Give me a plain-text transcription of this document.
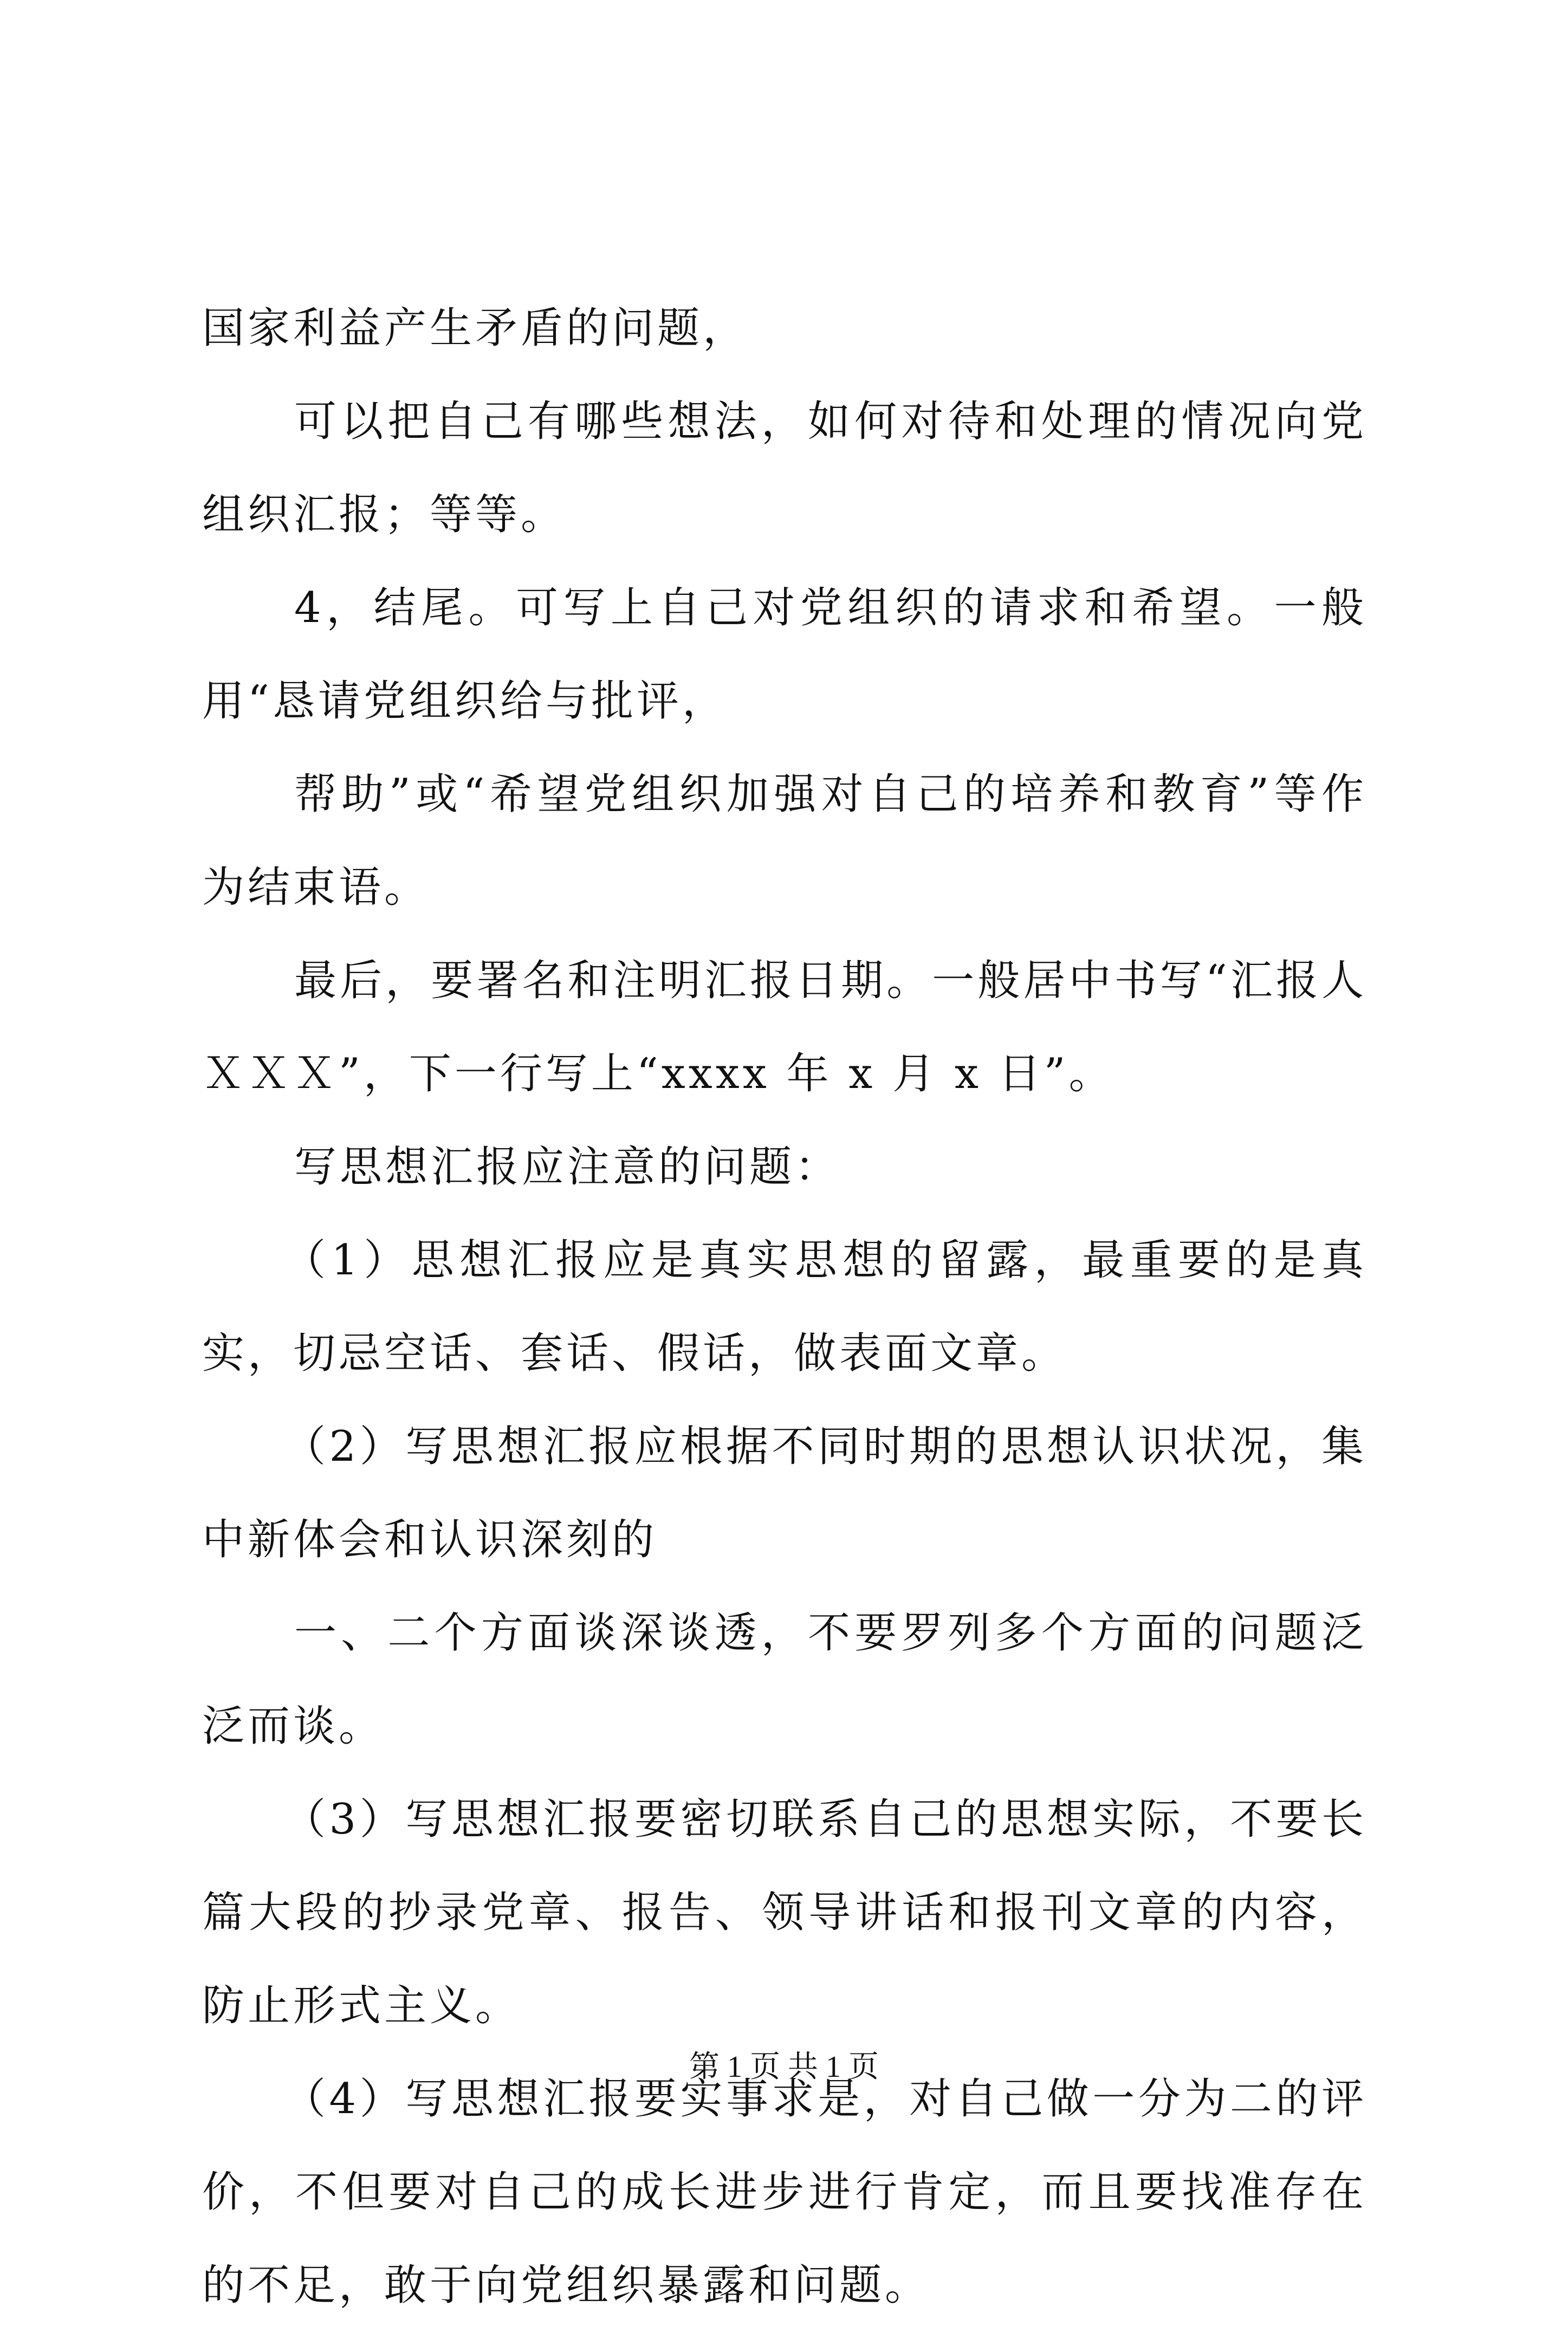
国家利益产生矛盾的问题，

可以把自己有哪些想法，如何对待和处理的情况向党组织汇报；等等。

4，结尾。可写上自己对党组织的请求和希望。一般用“恳请党组织给与批评，

帮助”或“希望党组织加强对自己的培养和教育”等作为结束语。

最后，要署名和注明汇报日期。一般居中书写“汇报人ＸＸＸ”，下一行写上“xxxx 年 x 月 x 日”。

写思想汇报应注意的问题：

（1）思想汇报应是真实思想的留露，最重要的是真实，切忌空话、套话、假话，做表面文章。

（2）写思想汇报应根据不同时期的思想认识状况，集中新体会和认识深刻的

一、二个方面谈深谈透，不要罗列多个方面的问题泛泛而谈。

（3）写思想汇报要密切联系自己的思想实际，不要长篇大段的抄录党章、报告、领导讲话和报刊文章的内容，防止形式主义。

（4）写思想汇报要实事求是，对自己做一分为二的评价，不但要对自己的成长进步进行肯定，而且要找准存在的不足，敢于向党组织暴露和问题。

第 1 页 共 1 页
